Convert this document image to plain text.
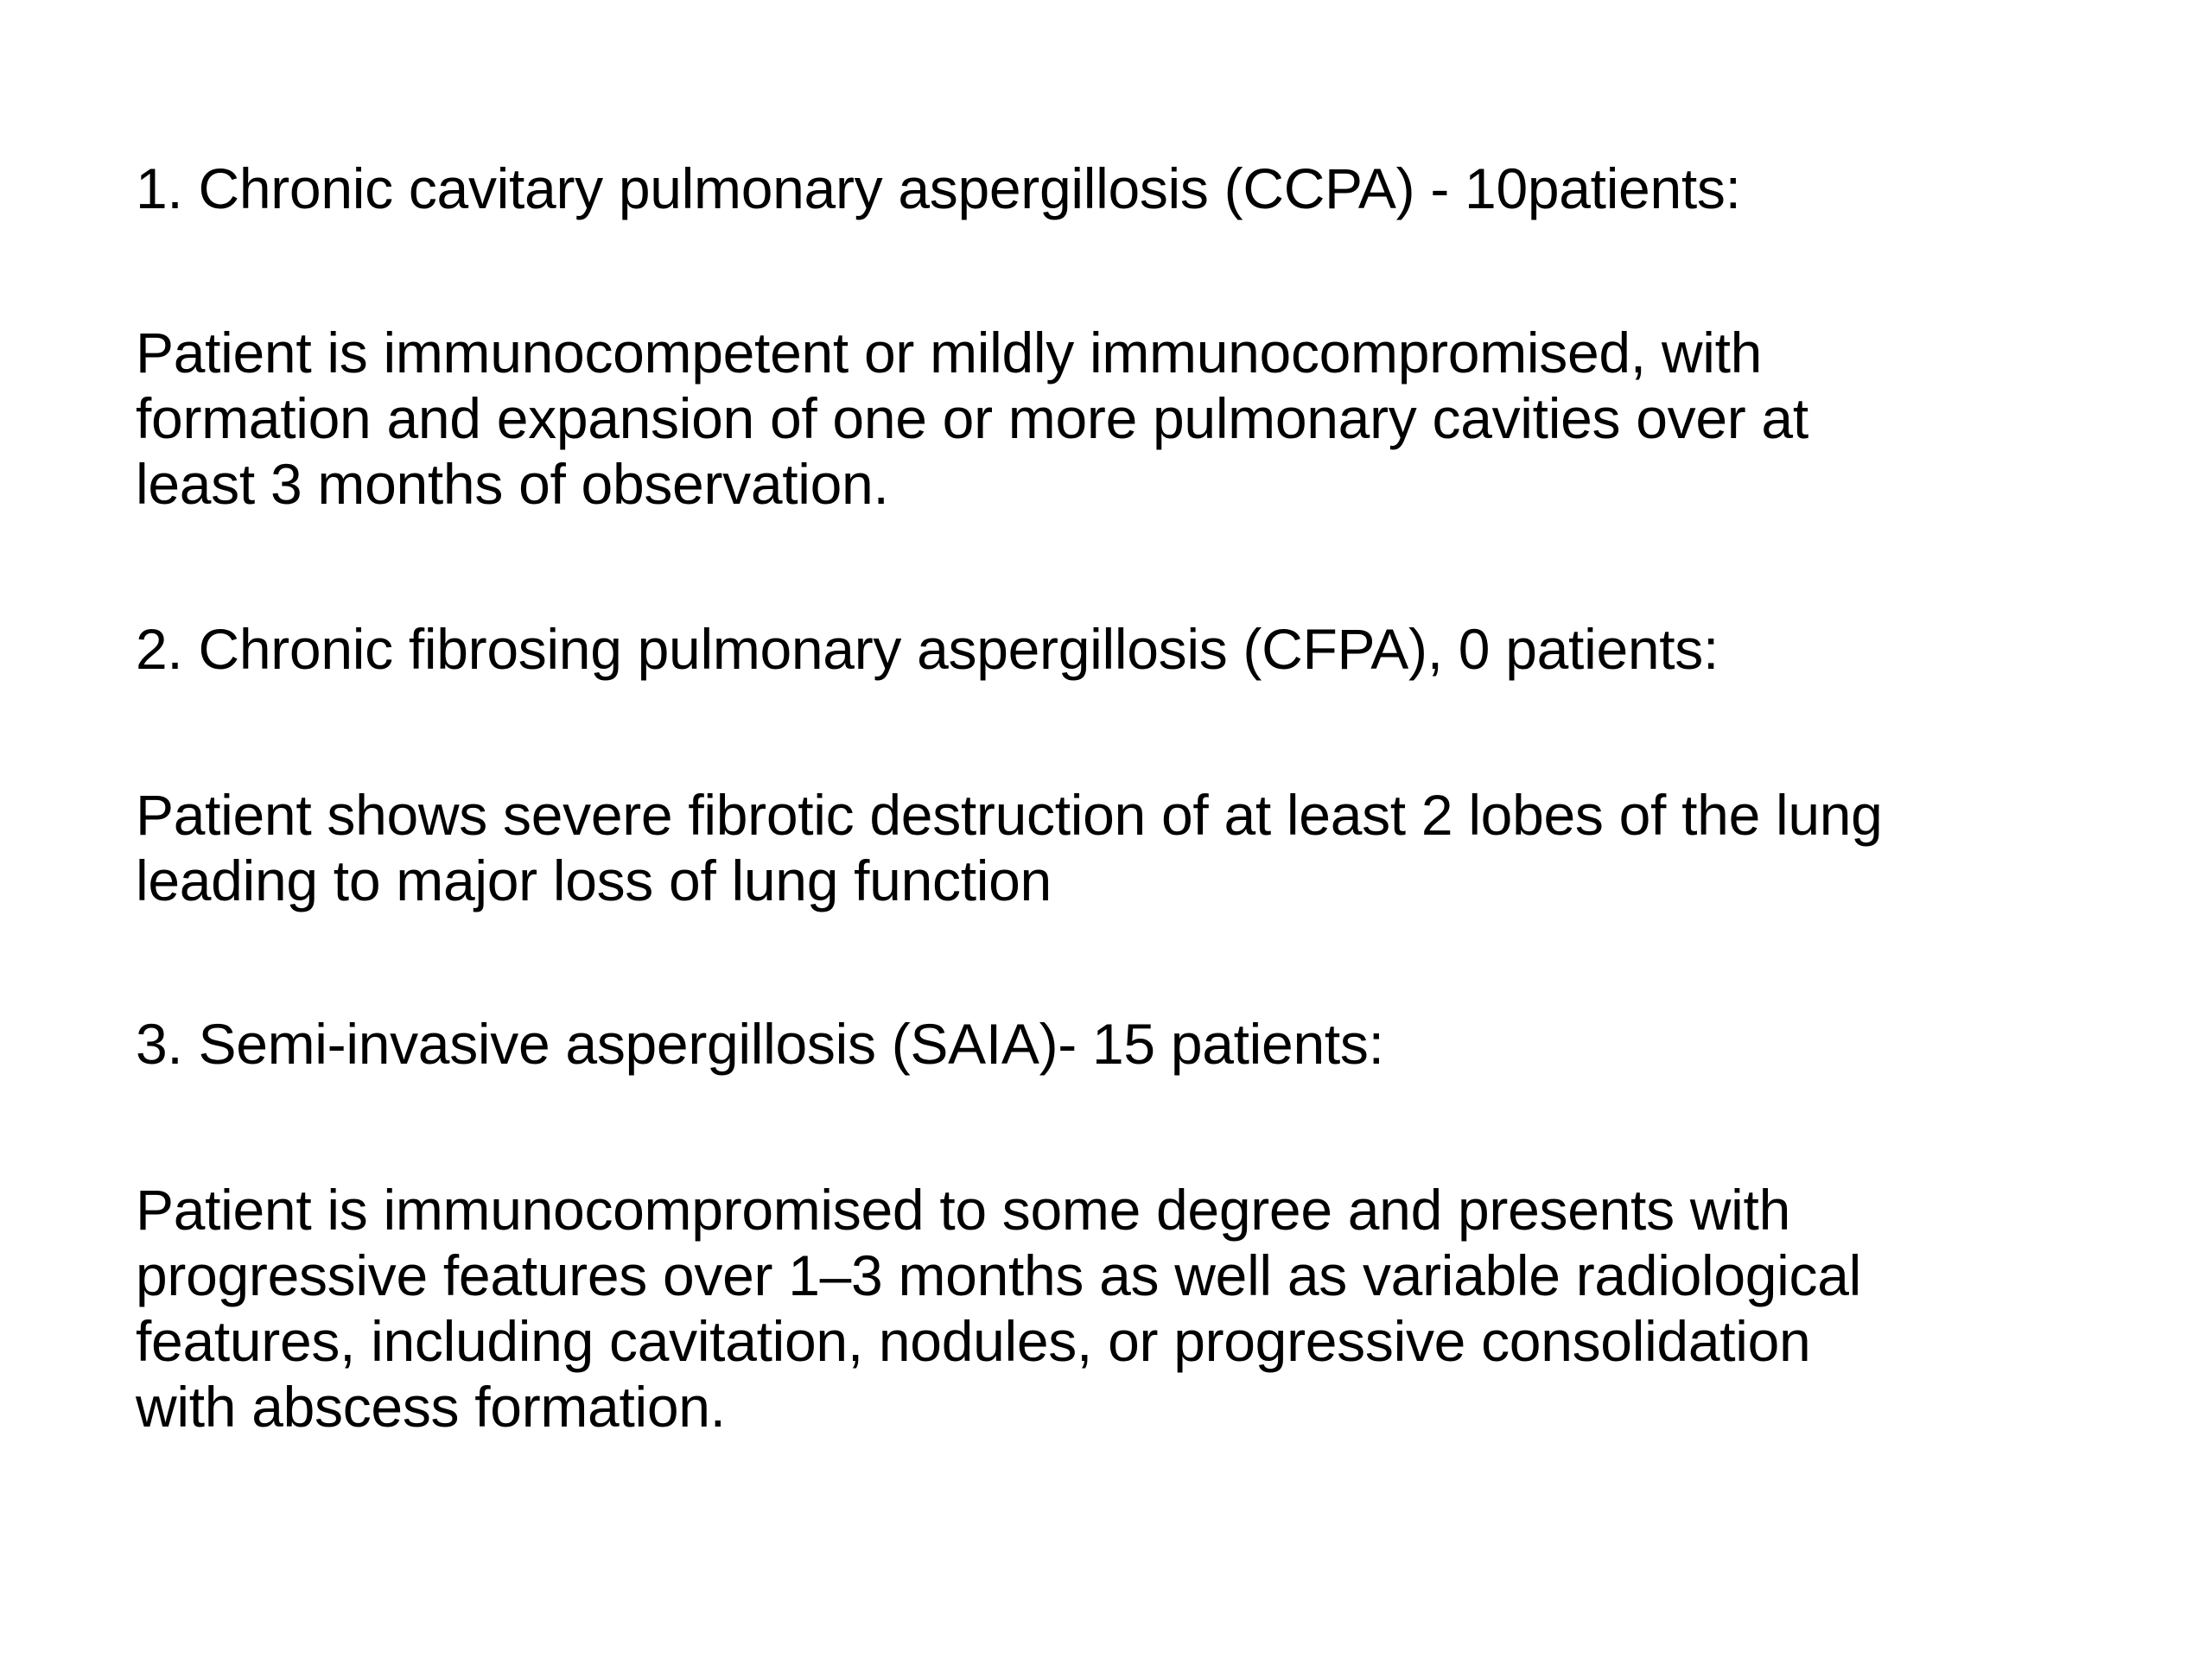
1. Chronic cavitary pulmonary aspergillosis (CCPA) - 10patients:

Patient is immunocompetent or mildly immunocompromised, with
formation and expansion of one or more pulmonary cavities over at
least 3 months of observation.

2. Chronic fibrosing pulmonary aspergillosis (CFPA), 0 patients:

Patient shows severe fibrotic destruction of at least 2 lobes of the lung
leading to major loss of lung function

3. Semi-invasive aspergillosis (SAIA)- 15 patients:

Patient is immunocompromised to some degree and presents with
progressive features over 1–3 months as well as variable radiological
features, including cavitation, nodules, or progressive consolidation
with abscess formation.
